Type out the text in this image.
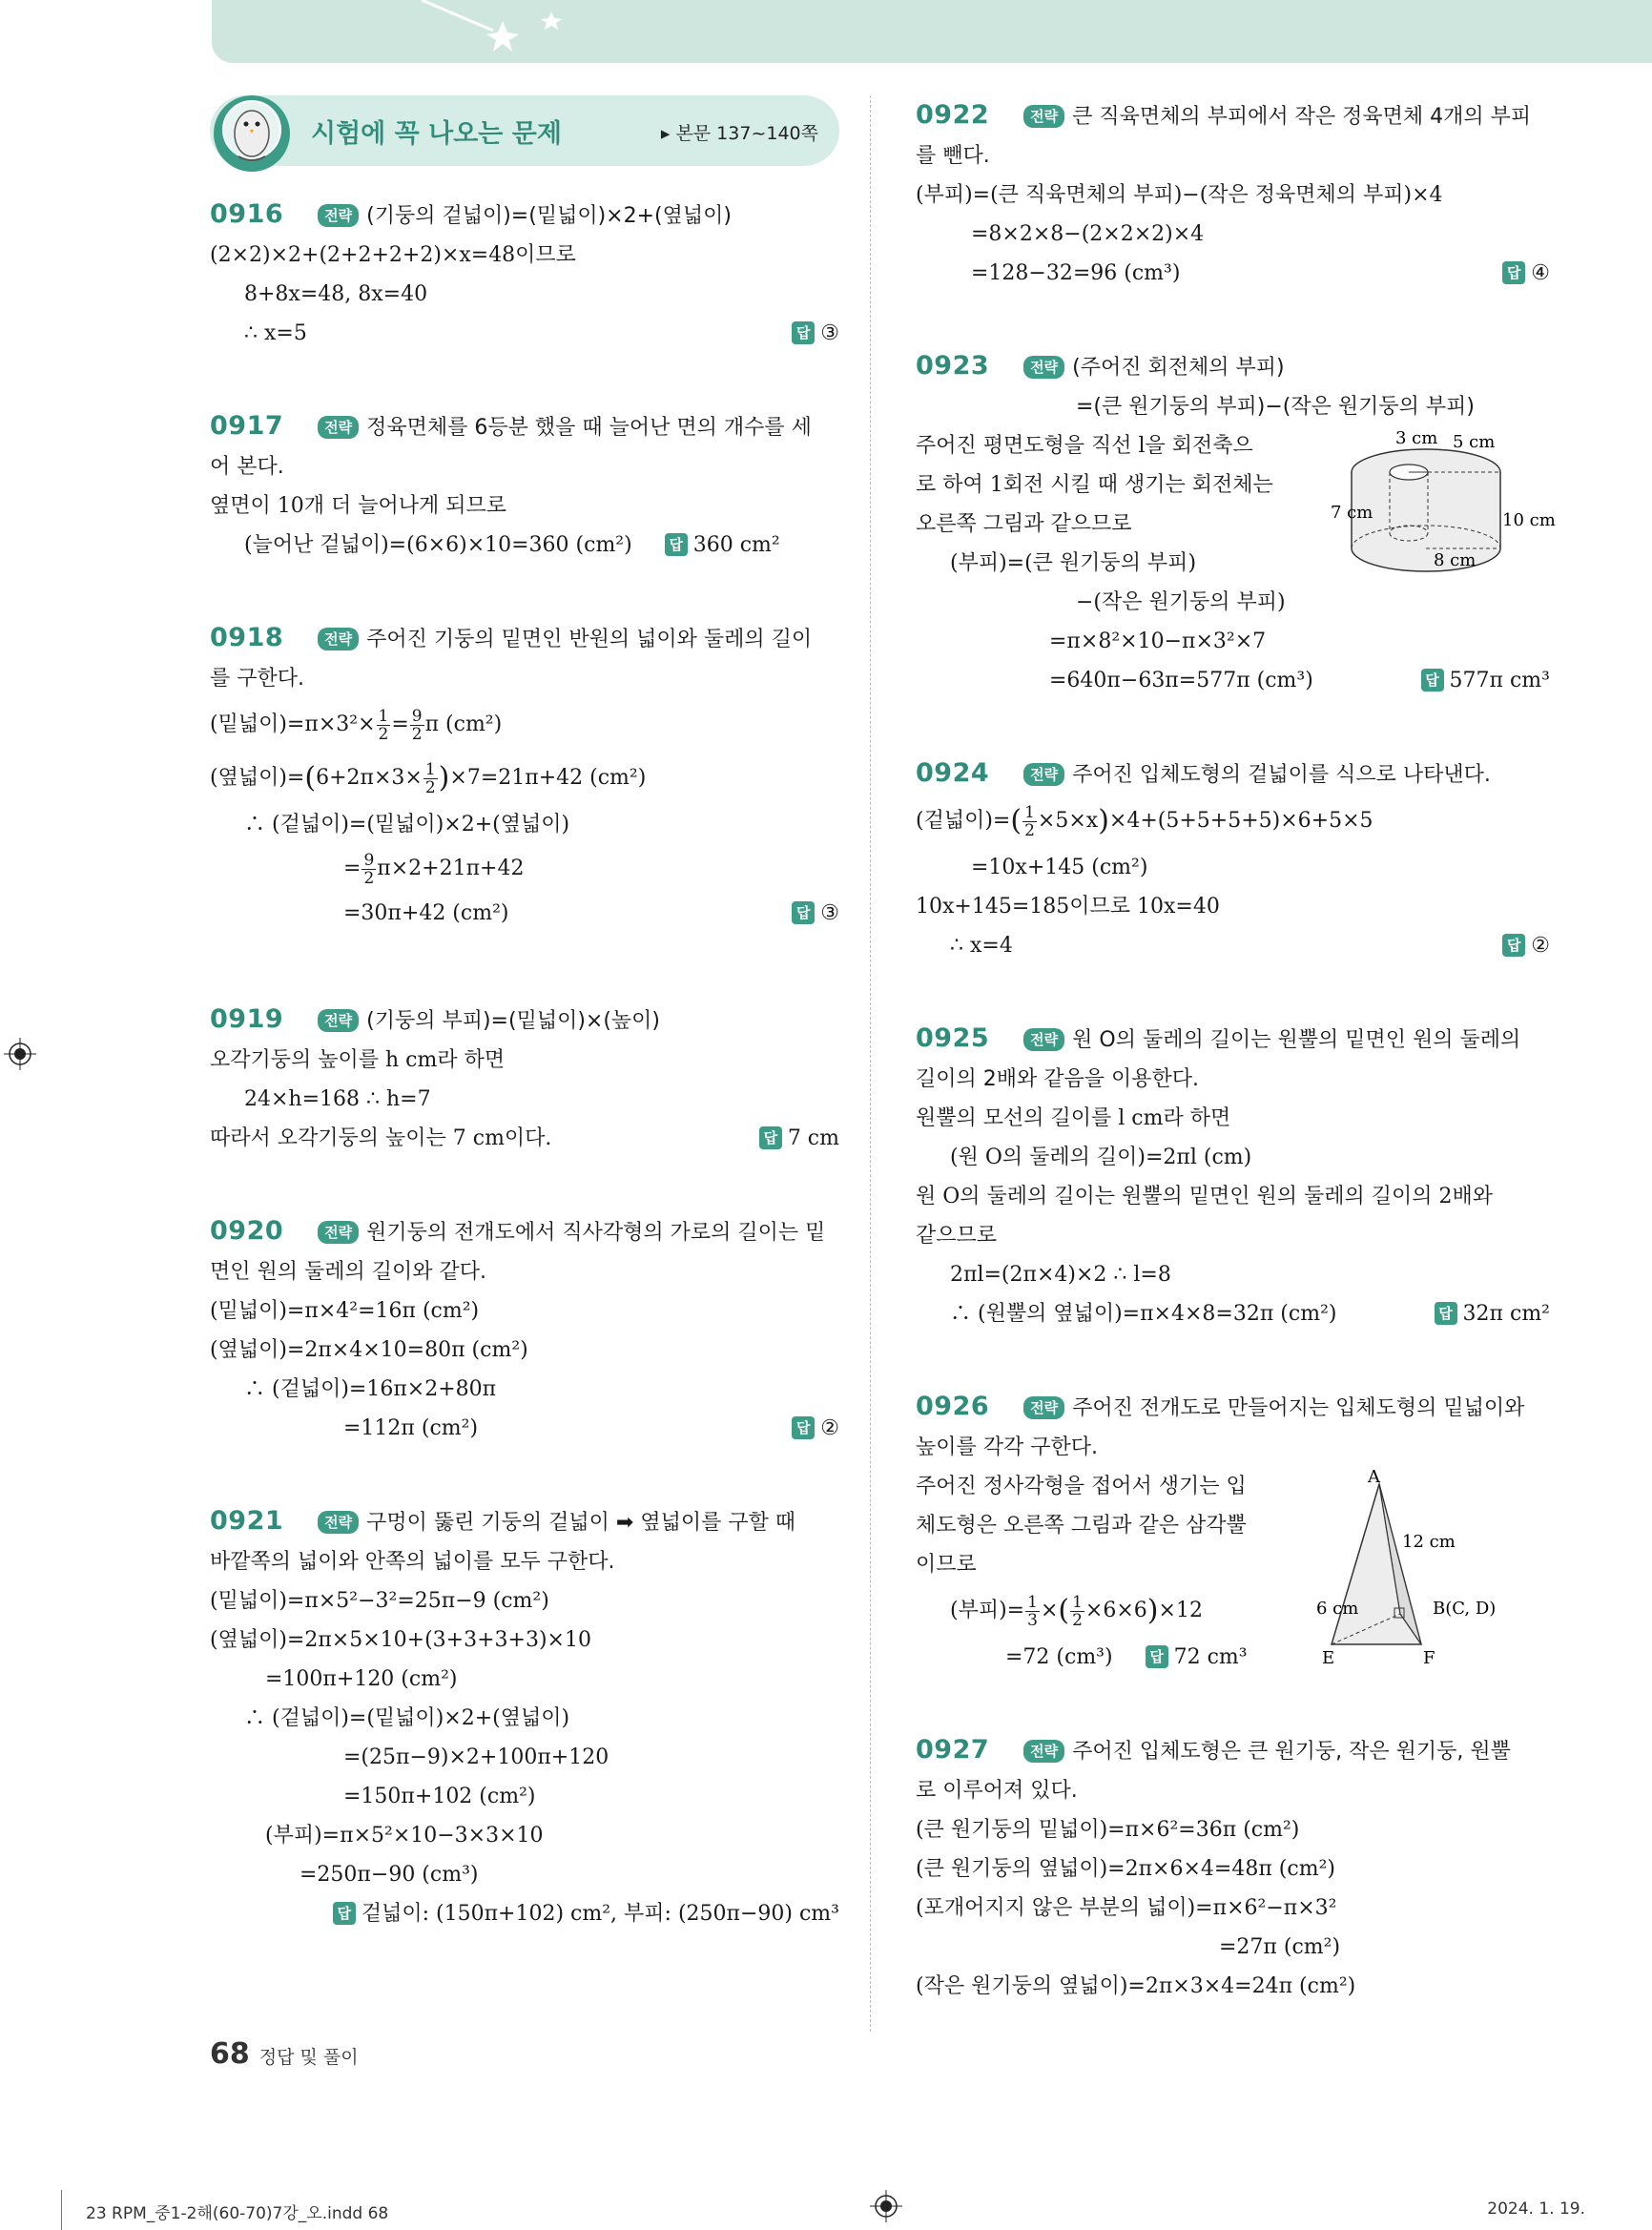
시험에 꼭 나오는 문제	▸ 본문 137~140쪽
0916	전략 (기둥의 겉넓이)=(밑넓이)×2+(옆넓이)
(2×2)×2+(2+2+2+2)×x=48이므로
8+8x=48, 8x=40
∴ x=5	답 ③
0917	전략 정육면체를 6등분 했을 때 늘어난 면의 개수를 세
어 본다.
옆면이 10개 더 늘어나게 되므로
(늘어난 겉넓이)=(6×6)×10=360 (cm²)	답 360 cm²
0918	전략 주어진 기둥의 밑면인 반원의 넓이와 둘레의 길이
를 구한다.
(밑넓이)$=\pi\times 3^2\times \frac{1}{2} = \frac{9}{2}$ π (cm²)
(옆넓이)$=(6+2\pi\times 3\times \frac{1}{2} )\times 7=21\pi+42$ (cm²)
∴ (겉넓이)=(밑넓이)×2+(옆넓이)
= $\frac{9}{2} \pi\times 2+21\pi+42$
=30π+42 (cm²)	답 ③
0919	전략 (기둥의 부피)=(밑넓이)×(높이)
오각기둥의 높이를 h cm라 하면
24×h=168 ∴ h=7
따라서 오각기둥의 높이는 7 cm이다.	답 7 cm
0920	전략 원기둥의 전개도에서 직사각형의 가로의 길이는 밑
면인 원의 둘레의 길이와 같다.
(밑넓이)=π×4²=16π (cm²)
(옆넓이)=2π×4×10=80π (cm²)
∴ (겉넓이)=16π×2+80π
=112π (cm²)	답 ②
0921	전략 구멍이 뚫린 기둥의 겉넓이 ➡ 옆넓이를 구할 때
바깥쪽의 넓이와 안쪽의 넓이를 모두 구한다.
(밑넓이)=π×5²−3²=25π−9 (cm²)
(옆넓이)=2π×5×10+(3+3+3+3)×10
=100π+120 (cm²)
∴ (겉넓이)=(밑넓이)×2+(옆넓이)
=(25π−9)×2+100π+120
=150π+102 (cm²)
(부피)=π×5²×10−3×3×10
=250π−90 (cm³)
답 겉넓이: (150π+102) cm², 부피: (250π−90) cm³
0922	전략 큰 직육면체의 부피에서 작은 정육면체 4개의 부피
를 뺀다.
(부피)=(큰 직육면체의 부피)−(작은 정육면체의 부피)×4
=8×2×8−(2×2×2)×4
=128−32=96 (cm³)	답 ④
0923	전략 (주어진 회전체의 부피)
=(큰 원기둥의 부피)−(작은 원기둥의 부피)
주어진 평면도형을 직선 l을 회전축으
로 하여 1회전 시킬 때 생기는 회전체는
오른쪽 그림과 같으므로
(부피)=(큰 원기둥의 부피)
−(작은 원기둥의 부피)
=π×8²×10−π×3²×7
=640π−63π=577π (cm³)	답 577π cm³
3 cm 5 cm
7 cm	10 cm
8 cm
0924	전략 주어진 입체도형의 겉넓이를 식으로 나타낸다.
(겉넓이)=( $\frac{1}{2} \times 5\times x)\times 4+(5+5+5+5)\times 6+5\times 5$
=10x+145 (cm²)
10x+145=185이므로 10x=40
∴ x=4	답 ②
0925	전략 원 O의 둘레의 길이는 원뿔의 밑면인 원의 둘레의
길이의 2배와 같음을 이용한다.
원뿔의 모선의 길이를 l cm라 하면
(원 O의 둘레의 길이)=2πl (cm)
원 O의 둘레의 길이는 원뿔의 밑면인 원의 둘레의 길이의 2배와
같으므로
2πl=(2π×4)×2 ∴ l=8
∴ (원뿔의 옆넓이)=π×4×8=32π (cm²)	답 32π cm²
0926	전략 주어진 전개도로 만들어지는 입체도형의 밑넓이와
높이를 각각 구한다.
주어진 정사각형을 접어서 생기는 입
체도형은 오른쪽 그림과 같은 삼각뿔
이므로
(부피)= $\frac{1}{3}$ ×( $\frac{1}{2} \times 6\times 6)\times 12$
=72 (cm³)	답 72 cm³
A
12 cm
6 cm	B(C, D)
E	F
0927	전략 주어진 입체도형은 큰 원기둥, 작은 원기둥, 원뿔
로 이루어져 있다.
(큰 원기둥의 밑넓이)=π×6²=36π (cm²)
(큰 원기둥의 옆넓이)=2π×6×4=48π (cm²)
(포개어지지 않은 부분의 넓이)=π×6²−π×3²
=27π (cm²)
(작은 원기둥의 옆넓이)=2π×3×4=24π (cm²)
68 정답 및 풀이
23 RPM_중1-2해(60-70)7강_오.indd 68	2024. 1. 19.
